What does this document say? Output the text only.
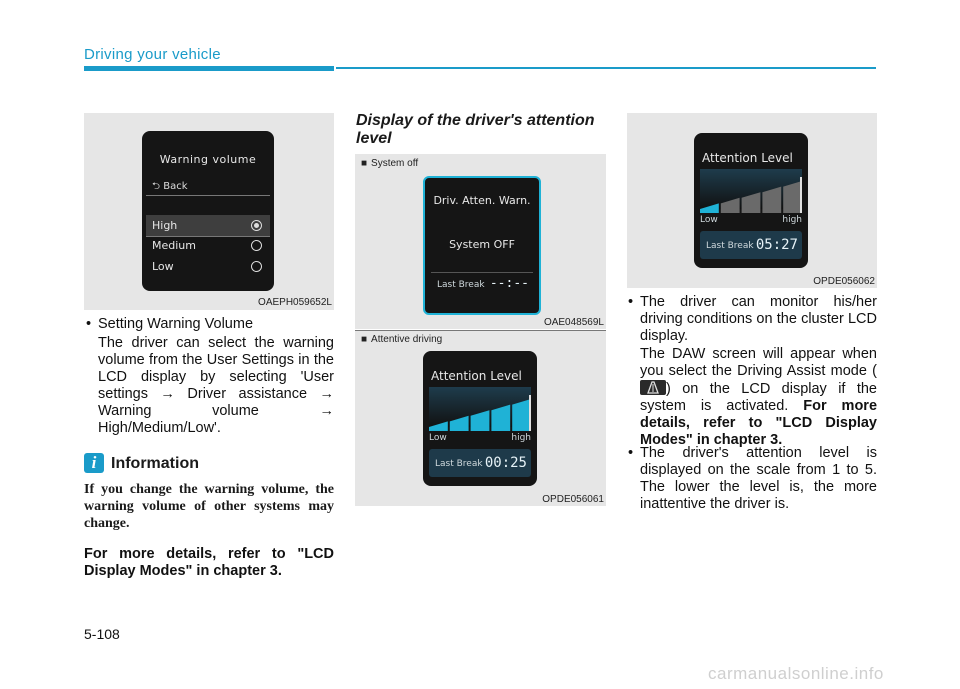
Driving your vehicle
Warning volume
⮌ Back
High
Medium
Low
OAEPH059652L
• Setting Warning Volume
The driver can select the warning volume from the User Settings in the LCD display by selecting 'User settings → Driver assistance → Warning volume → High/Medium/Low'.
i Information
If you change the warning volume, the warning volume of other systems may change.
For more details, refer to "LCD Display Modes" in chapter 3.
Display of the driver's attention level
■ System off
Driv. Atten. Warn.
System OFF
Last Break --:--
OAE048569L
■ Attentive driving
Attention Level
Low	high
Last Break 00:25
OPDE056061
Attention Level
Low	high
Last Break 05:27
OPDE056062
• The driver can monitor his/her driving conditions on the cluster LCD display.
The DAW screen will appear when you select the Driving Assist mode (
) on the LCD display if the system is activated. For more details, refer to "LCD Display Modes" in chapter 3.
• The driver's attention level is displayed on the scale from 1 to 5. The lower the level is, the more inattentive the driver is.
5-108
carmanualsonline.info
